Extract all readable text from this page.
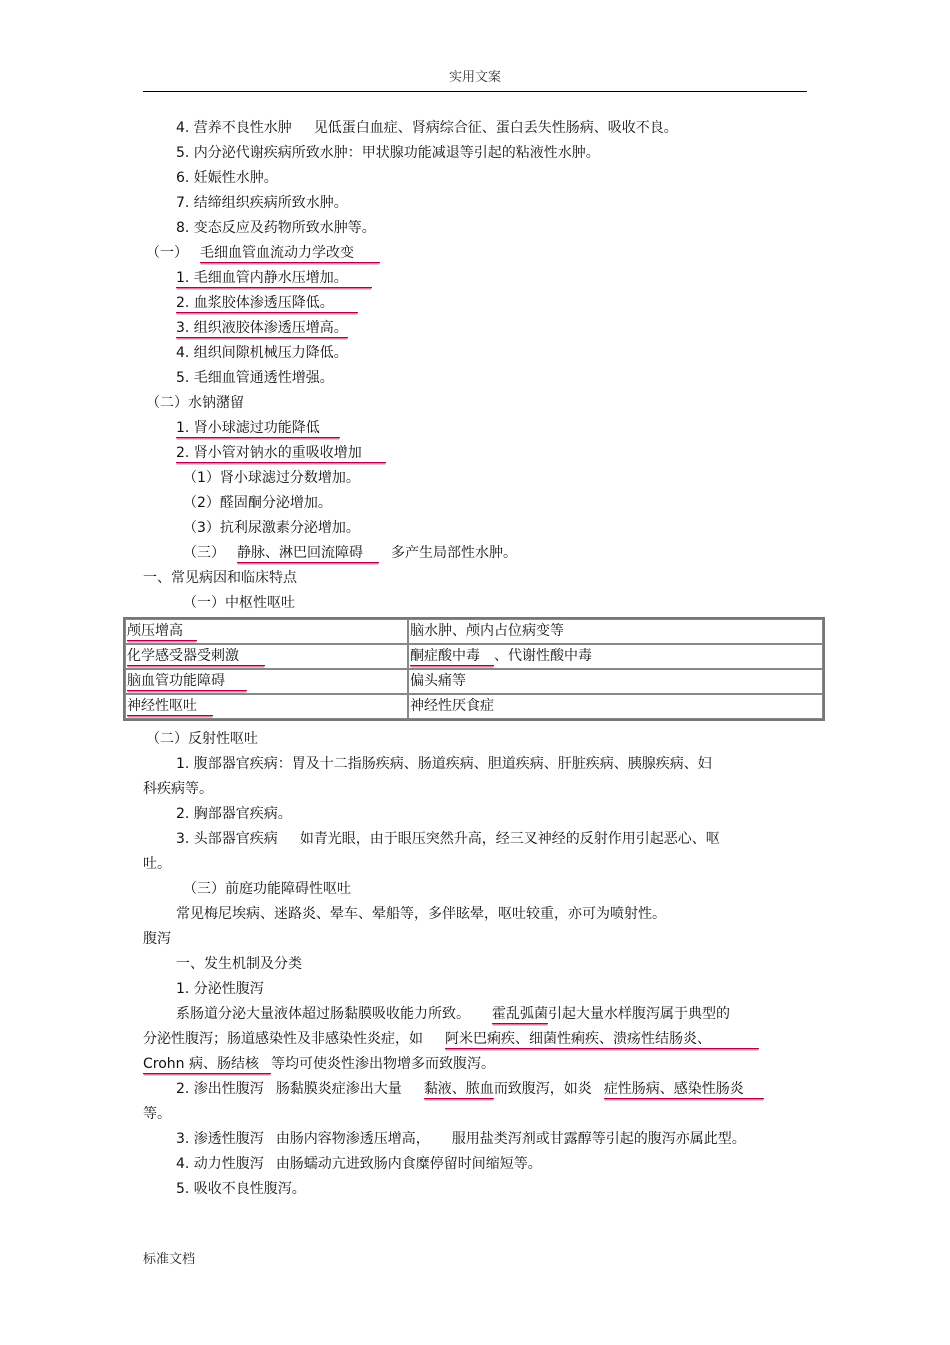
实用文案
4. 营养不良性水肿 见低蛋白血症、肾病综合征、蛋白丢失性肠病、吸收不良。
5. 内分泌代谢疾病所致水肿：甲状腺功能减退等引起的粘液性水肿。
6. 妊娠性水肿。
7. 结缔组织疾病所致水肿。
8. 变态反应及药物所致水肿等。
（一） 毛细血管血流动力学改变
1. 毛细血管内静水压增加。
2. 血浆胶体渗透压降低。
3. 组织液胶体渗透压增高。
4. 组织间隙机械压力降低。
5. 毛细血管通透性增强。
（二）水钠潴留
1. 肾小球滤过功能降低
2. 肾小管对钠水的重吸收增加
（1）肾小球滤过分数增加。
（2）醛固酮分泌增加。
（3）抗利尿激素分泌增加。
（三） 静脉、淋巴回流障碍 多产生局部性水肿。
一、常见病因和临床特点
（一）中枢性呕吐
颅压增高	脑水肿、颅内占位病变等
化学感受器受刺激	酮症酸中毒 、代谢性酸中毒
脑血管功能障碍	偏头痛等
神经性呕吐	神经性厌食症
（二）反射性呕吐
1. 腹部器官疾病：胃及十二指肠疾病、肠道疾病、胆道疾病、肝脏疾病、胰腺疾病、妇
科疾病等。
2. 胸部器官疾病。
3. 头部器官疾病 如青光眼，由于眼压突然升高，经三叉神经的反射作用引起恶心、呕
吐。
（三）前庭功能障碍性呕吐
常见梅尼埃病、迷路炎、晕车、晕船等，多伴眩晕，呕吐较重，亦可为喷射性。
腹泻
一、发生机制及分类
1. 分泌性腹泻
系肠道分泌大量液体超过肠黏膜吸收能力所致。 霍乱弧菌引起大量水样腹泻属于典型的
分泌性腹泻；肠道感染性及非感染性炎症，如 阿米巴痢疾、细菌性痢疾、溃疡性结肠炎、
Crohn 病、肠结核 等均可使炎性渗出物增多而致腹泻。
2. 渗出性腹泻 肠黏膜炎症渗出大量 黏液、脓血而致腹泻，如炎 症性肠病、感染性肠炎
等。
3. 渗透性腹泻 由肠内容物渗透压增高， 服用盐类泻剂或甘露醇等引起的腹泻亦属此型。
4. 动力性腹泻 由肠蠕动亢进致肠内食糜停留时间缩短等。
5. 吸收不良性腹泻。
标准文档
